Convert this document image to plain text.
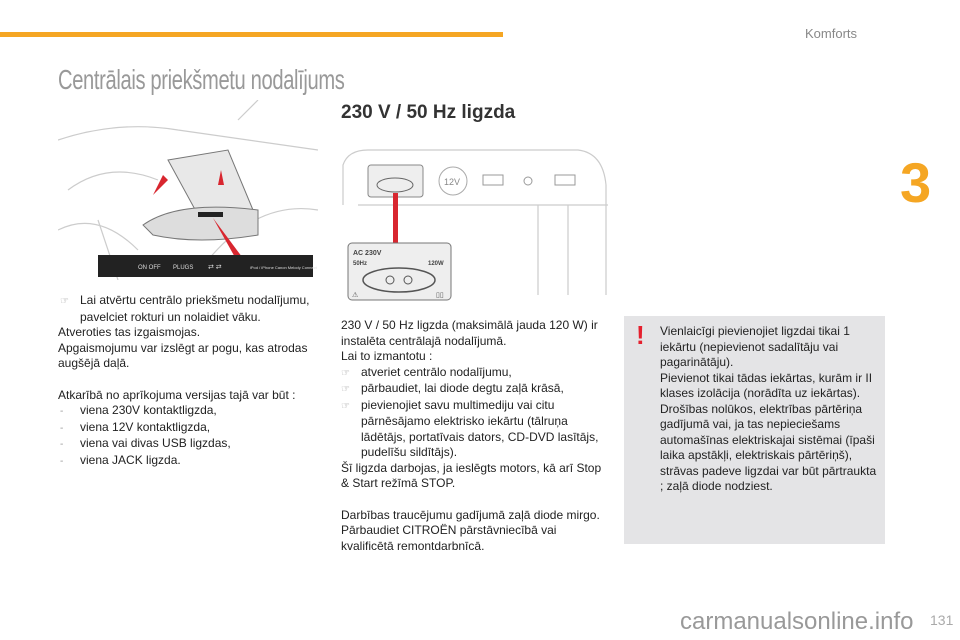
Komforts
3
Centrālais priekšmetu nodalījums
ON OFF PLUGS ⇄ ⇄	iPod / iPhone Canon Melody Connect

☞ Lai atvērtu centrālo priekšmetu nodalījumu, pavelciet rokturi un nolaidiet vāku.

Atveroties tas izgaismojas.

Apgaismojumu var izslēgt ar pogu, kas atrodas augšējā daļā.

Atkarībā no aprīkojuma versijas tajā var būt :

- viena 230V kontaktligzda,

- viena 12V kontaktligzda,

- viena vai divas USB ligzdas,

- viena JACK ligzda.

230 V / 50 Hz ligzda
12V
AC 230V
50Hz	120W
⚠	▯▯

230 V / 50 Hz ligzda (maksimālā jauda 120 W) ir instalēta centrālajā nodalījumā.

Lai to izmantotu :

☞ atveriet centrālo nodalījumu,

☞ pārbaudiet, lai diode degtu zaļā krāsā,

☞ pievienojiet savu multimediju vai citu pārnēsājamo elektrisko iekārtu (tālruņa lādētājs, portatīvais dators, CD-DVD lasītājs, pudelīšu sildītājs).

Šī ligzda darbojas, ja ieslēgts motors, kā arī Stop & Start režīmā STOP.

Darbības traucējumu gadījumā zaļā diode mirgo.

Pārbaudiet CITROËN pārstāvniecībā vai kvalificētā remontdarbnīcā.

! Vienlaicīgi pievienojiet ligzdai tikai 1 iekārtu (nepievienot sadalītāju vai pagarinātāju).

Pievienot tikai tādas iekārtas, kurām ir II klases izolācija (norādīta uz iekārtas).

Drošības nolūkos, elektrības pārtēriņa gadījumā vai, ja tas nepieciešams automašīnas elektriskajai sistēmai (īpaši laika apstākļi, elektriskais pārtēriņš), strāvas padeve ligzdai var būt pārtraukta ; zaļā diode nodziest.

carmanualsonline.info 131
